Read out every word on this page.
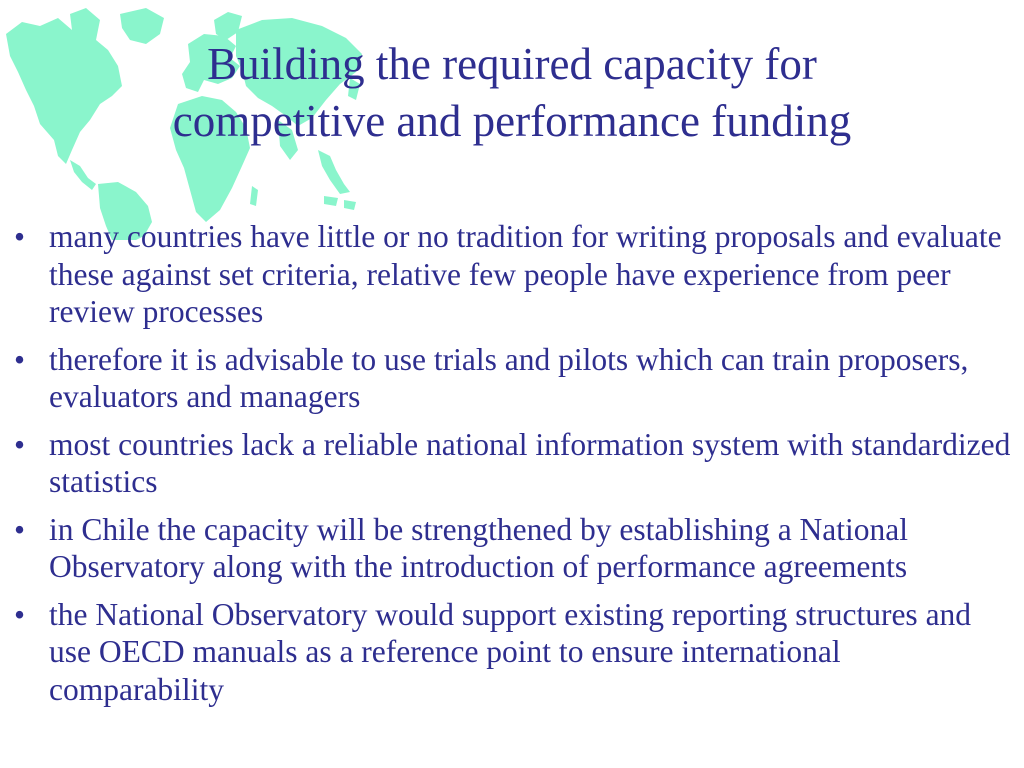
Building the required capacity for
competitive and performance funding
• many countries have little or no tradition for writing proposals and evaluate these against set criteria, relative few people have experience from peer review processes
• therefore it is advisable to use trials and pilots which can train proposers, evaluators and managers
• most countries lack a reliable national information system with standardized statistics
• in Chile the capacity will be strengthened by establishing a National Observatory along with the introduction of performance agreements
• the National Observatory would support existing reporting structures and use OECD manuals as a reference point to ensure international comparability
